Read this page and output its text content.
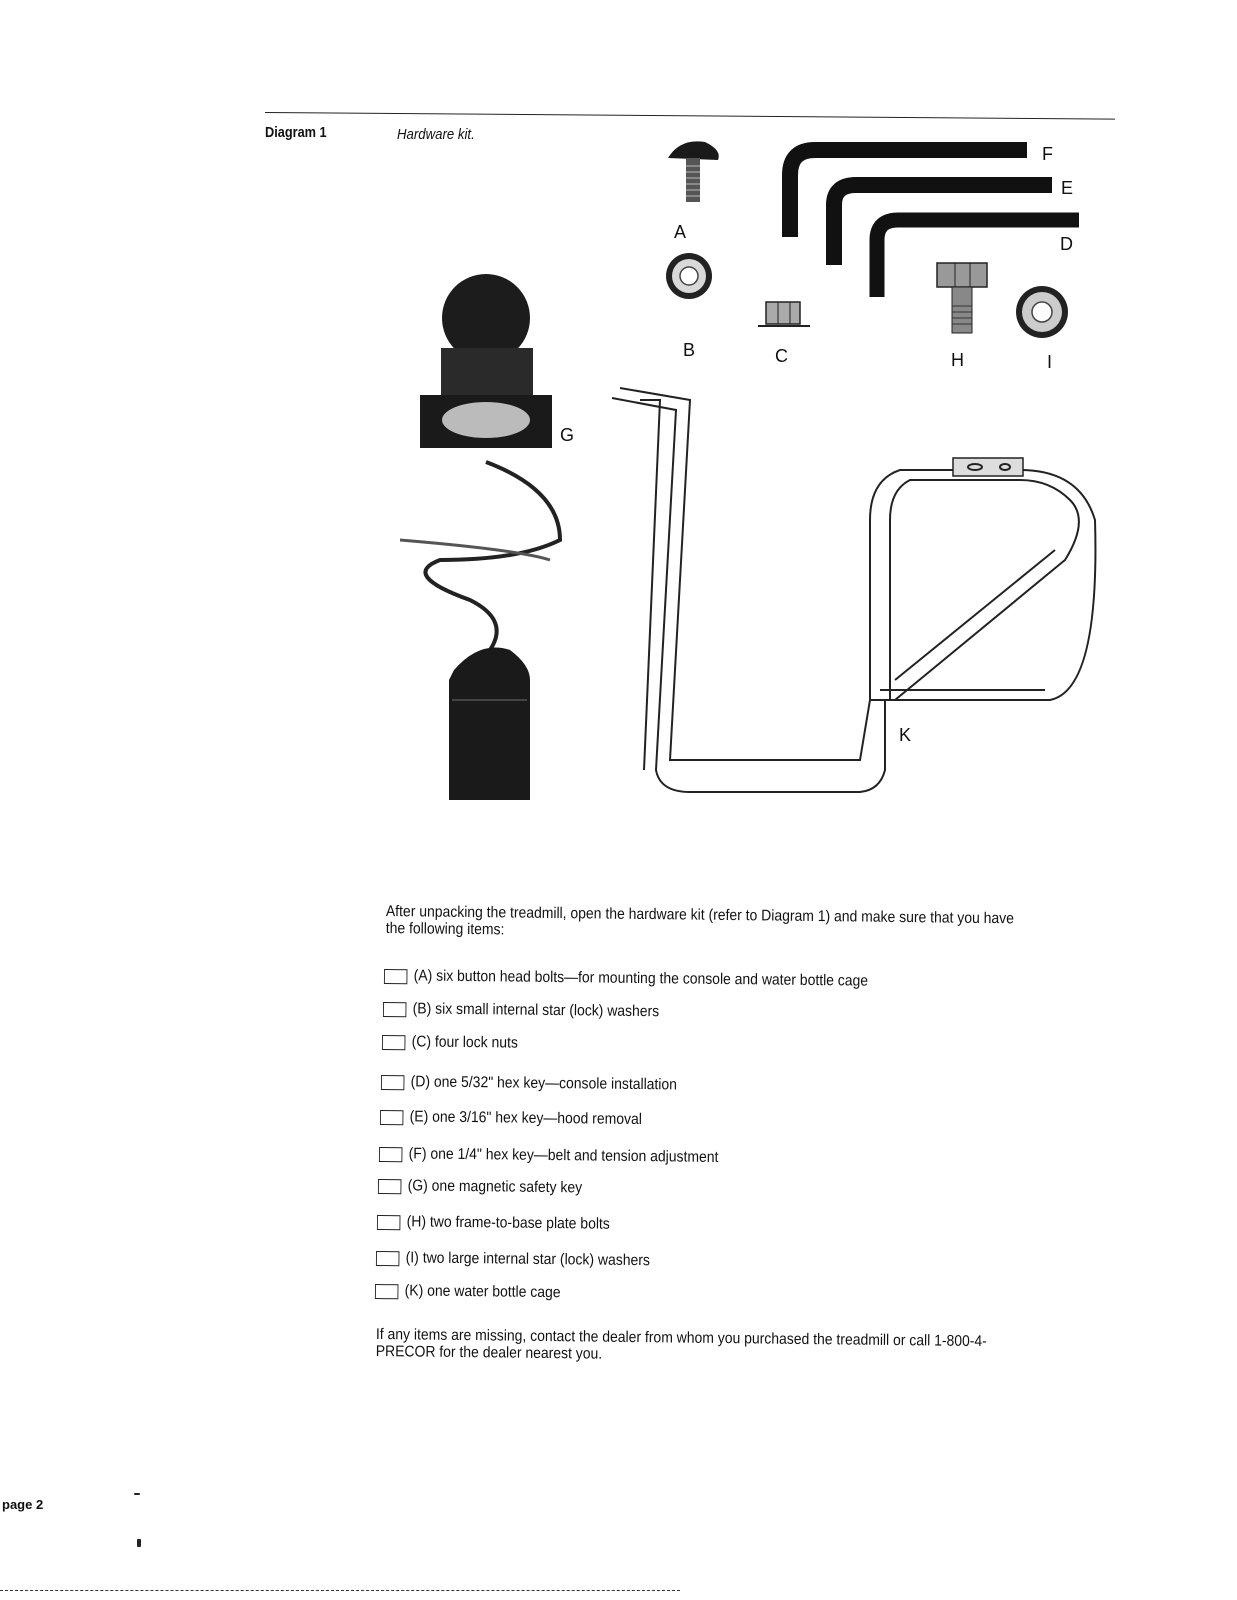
Diagram 1	Hardware kit.
A
B	C
D
E
F
G
H	I
K
After unpacking the treadmill, open the hardware kit (refer to Diagram 1) and make sure that you have the following items:
(A) six button head bolts—for mounting the console and water bottle cage
(B) six small internal star (lock) washers
(C) four lock nuts
(D) one 5/32" hex key—console installation
(E) one 3/16" hex key—hood removal
(F) one 1/4" hex key—belt and tension adjustment
(G) one magnetic safety key
(H) two frame-to-base plate bolts
(I) two large internal star (lock) washers
(K) one water bottle cage
If any items are missing, contact the dealer from whom you purchased the treadmill or call 1-800-4-PRECOR for the dealer nearest you.
page 2
